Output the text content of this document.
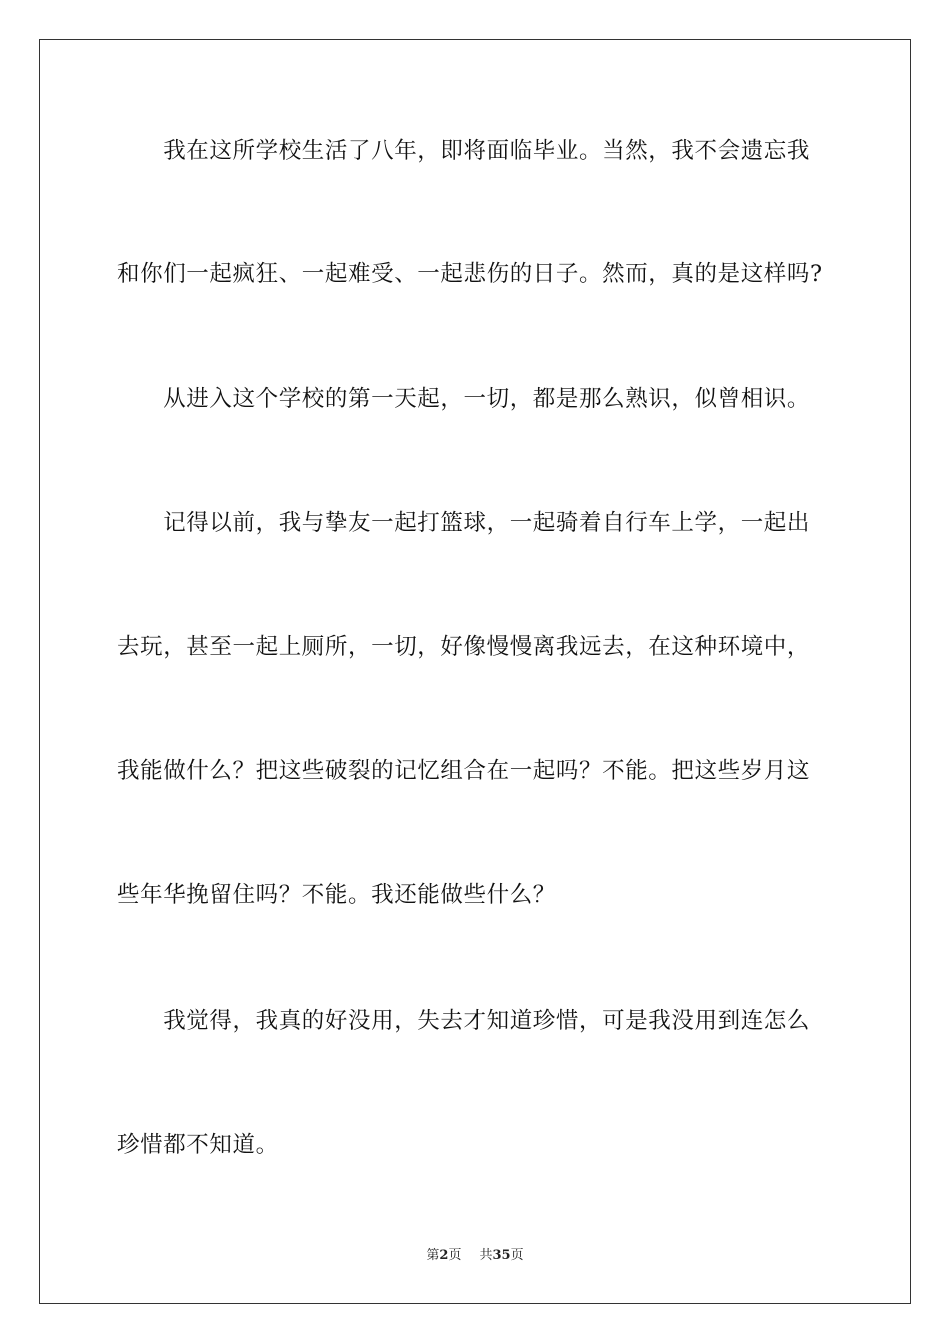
　　我在这所学校生活了八年，即将面临毕业。当然，我不会遗忘我
和你们一起疯狂、一起难受、一起悲伤的日子。然而，真的是这样吗?
　　从进入这个学校的第一天起，一切，都是那么熟识，似曾相识。
　　记得以前，我与挚友一起打篮球，一起骑着自行车上学，一起出
去玩，甚至一起上厕所，一切，好像慢慢离我远去，在这种环境中，
我能做什么？把这些破裂的记忆组合在一起吗？不能。把这些岁月这
些年华挽留住吗？不能。我还能做些什么？
　　我觉得，我真的好没用，失去才知道珍惜，可是我没用到连怎么
珍惜都不知道。
第2页 共35页
